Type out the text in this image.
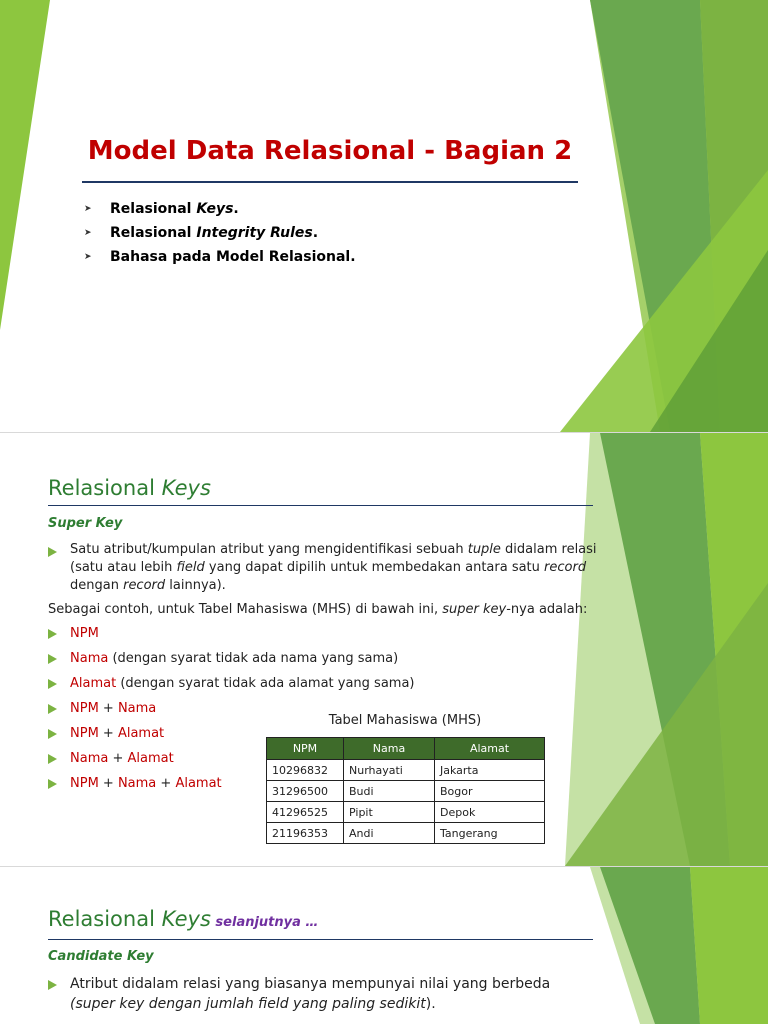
Model Data Relasional - Bagian 2
➤ Relasional Keys.
➤ Relasional Integrity Rules.
➤ Bahasa pada Model Relasional.
Relasional Keys
Super Key
Satu atribut/kumpulan atribut yang mengidentifikasi sebuah tuple didalam relasi
(satu atau lebih field yang dapat dipilih untuk membedakan antara satu record
dengan record lainnya).
Sebagai contoh, untuk Tabel Mahasiswa (MHS) di bawah ini, super key-nya adalah:
NPM
Nama (dengan syarat tidak ada nama yang sama)
Alamat (dengan syarat tidak ada alamat yang sama)
NPM + Nama
NPM + Alamat
Nama + Alamat
NPM + Nama + Alamat
Tabel Mahasiswa (MHS)
NPM	Nama	Alamat
10296832	Nurhayati	Jakarta
31296500	Budi	Bogor
41296525	Pipit	Depok
21196353	Andi	Tangerang
Relasional Keys selanjutnya …
Candidate Key
Atribut didalam relasi yang biasanya mempunyai nilai yang berbeda
(super key dengan jumlah field yang paling sedikit).
